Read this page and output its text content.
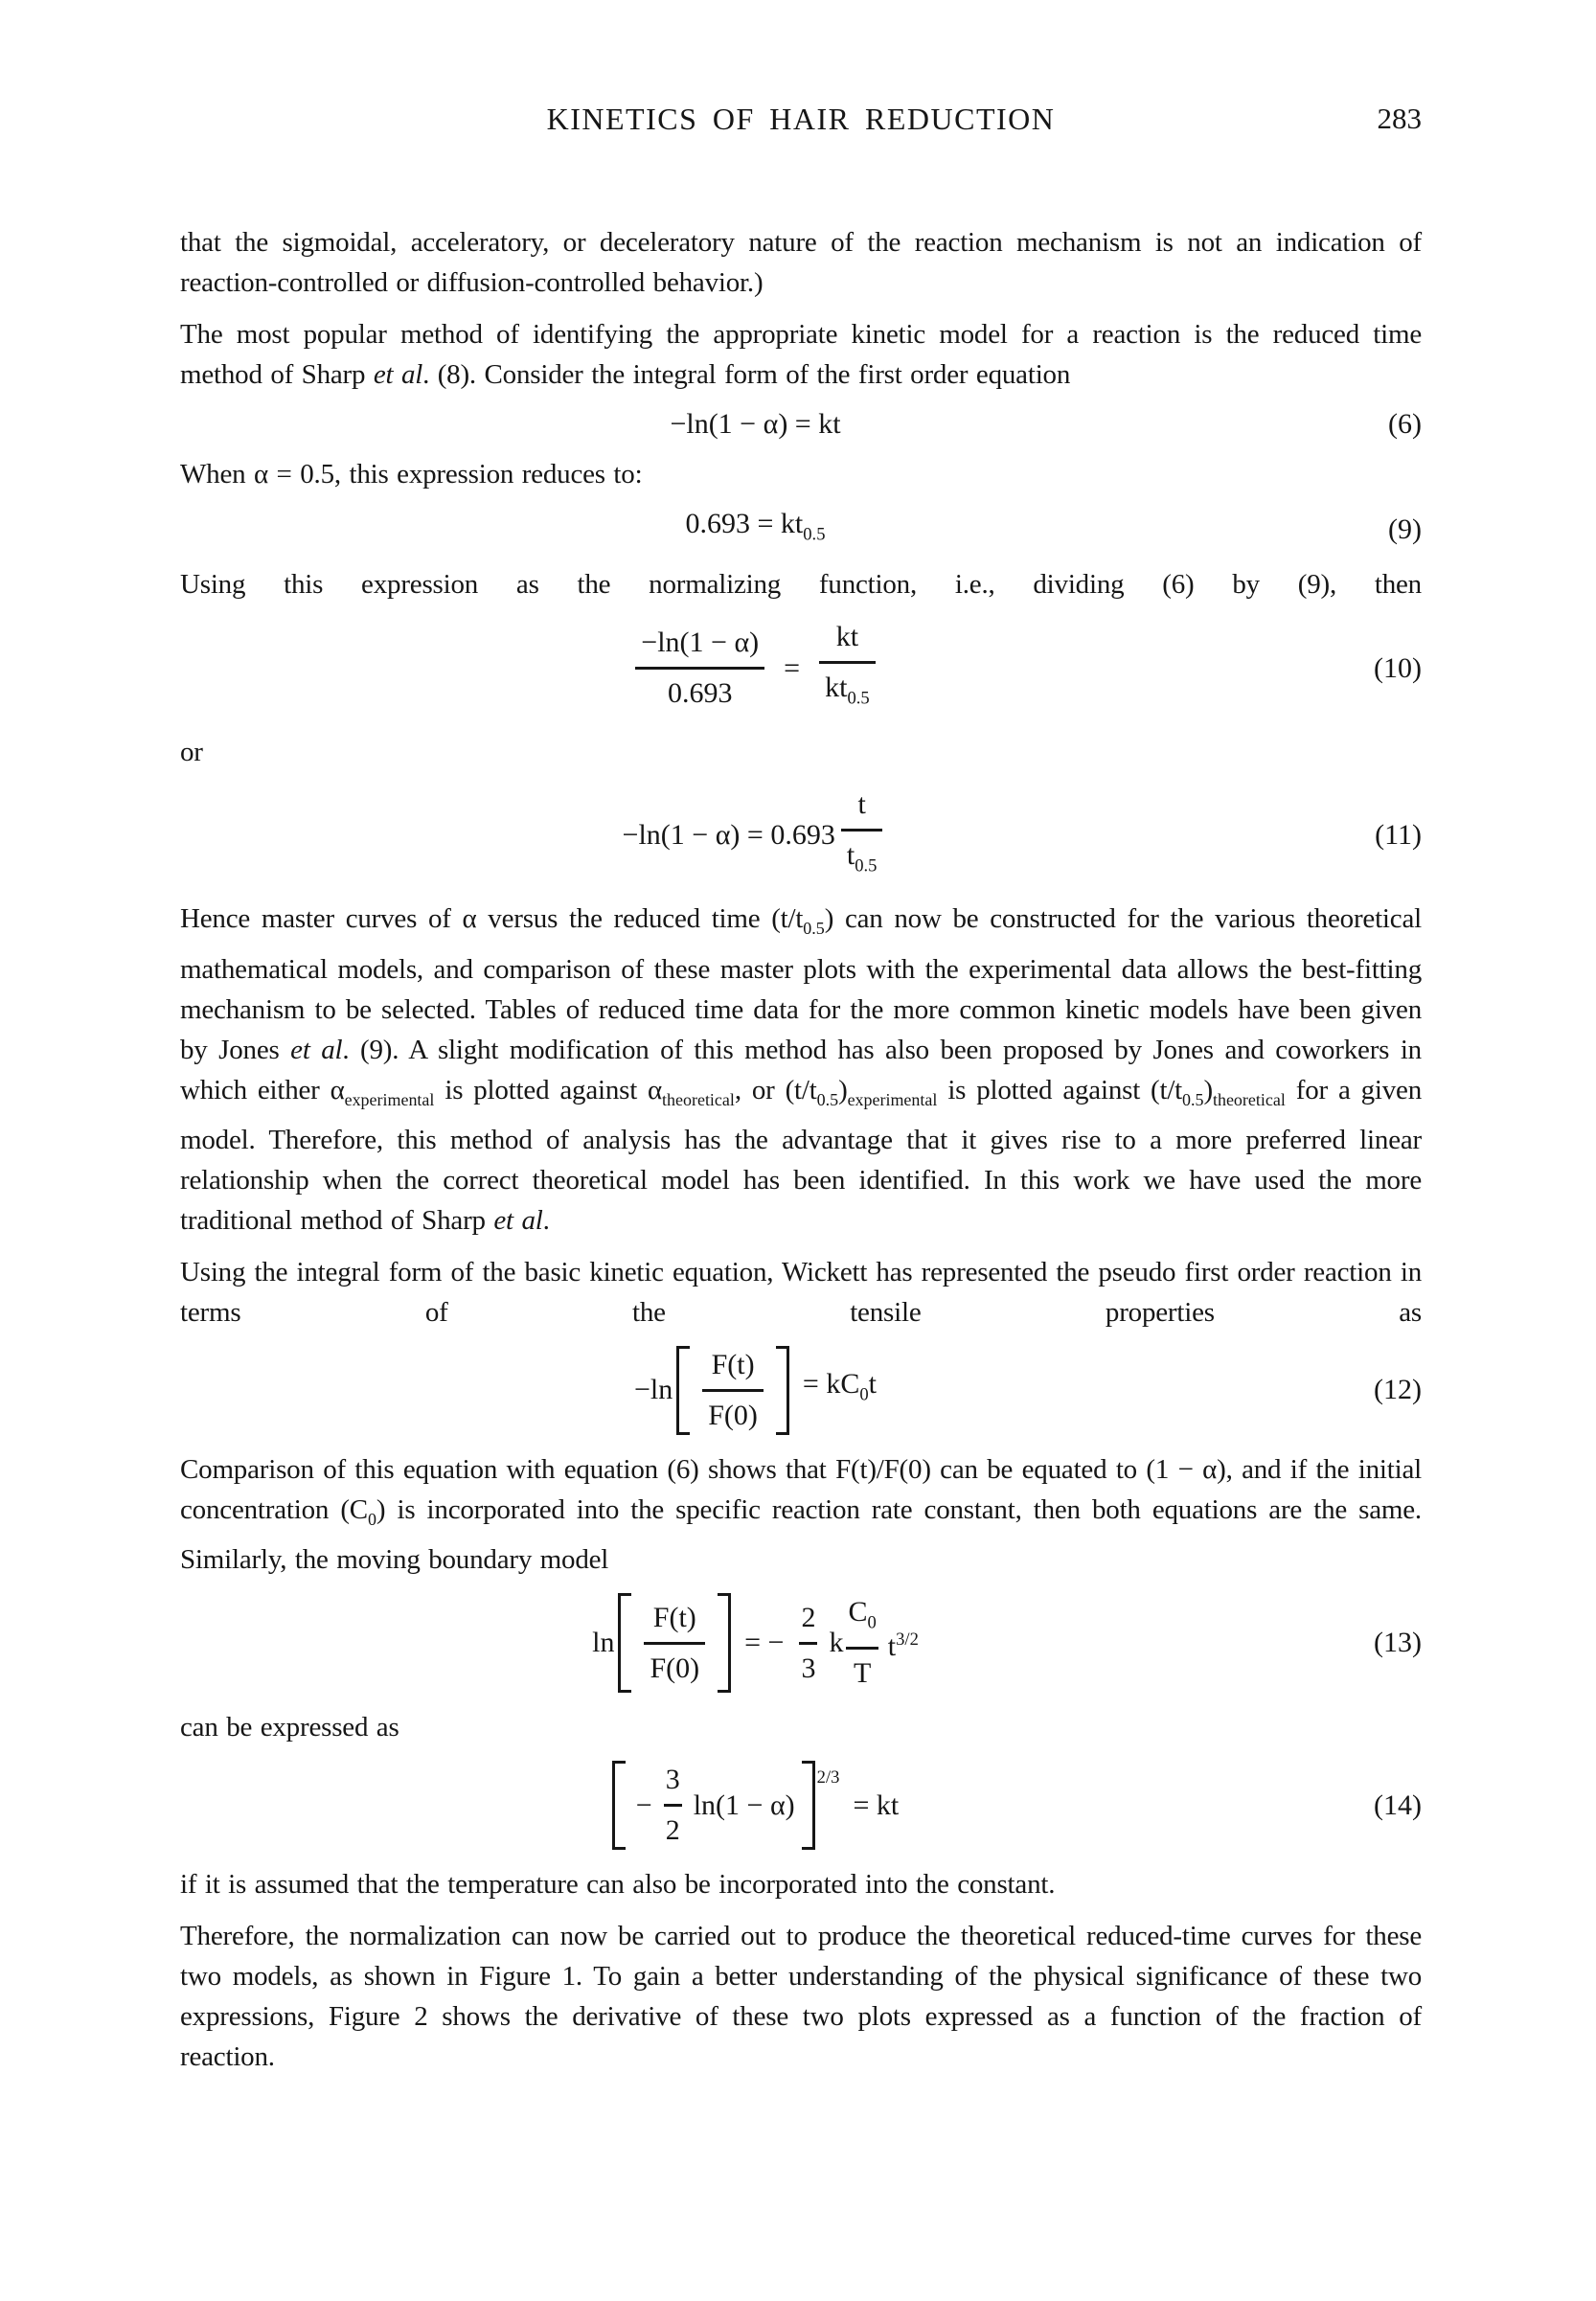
KINETICS OF HAIR REDUCTION	283

that the sigmoidal, acceleratory, or deceleratory nature of the reaction mechanism is not an indication of reaction-controlled or diffusion-controlled behavior.)

The most popular method of identifying the appropriate kinetic model for a reaction is the reduced time method of Sharp et al. (8). Consider the integral form of the first order equation

−ln(1 − α) = kt	(6)

When α = 0.5, this expression reduces to:

$0.693 = kt_{0.5}$	(9)

Using this expression as the normalizing function, i.e., dividing (6) by (9), then

$\frac{-\ln(1 - \alpha)}{0.693} = \frac{kt}{kt_{0.5}}$	(10)

or

$-\ln(1 - \alpha) = 0.693 \frac{t}{t_{0.5}}$	(11)

Hence master curves of α versus the reduced time $(t/t_{0.5})$ can now be constructed for the various theoretical mathematical models, and comparison of these master plots with the experimental data allows the best-fitting mechanism to be selected. Tables of reduced time data for the more common kinetic models have been given by Jones et al. (9). A slight modification of this method has also been proposed by Jones and coworkers in which either $\alpha_{experimental}$ is plotted against $\alpha_{theoretical}$, or $(t/t_{0.5})_{experimental}$ is plotted against $(t/t_{0.5})_{theoretical}$ for a given model. Therefore, this method of analysis has the advantage that it gives rise to a more preferred linear relationship when the correct theoretical model has been identified. In this work we have used the more traditional method of Sharp et al.

Using the integral form of the basic kinetic equation, Wickett has represented the pseudo first order reaction in terms of the tensile properties as

$-\ln \frac{F(t)}{F(0)} = kC_0t$	(12)

Comparison of this equation with equation (6) shows that F(t)/F(0) can be equated to (1 − α), and if the initial concentration $(C_0)$ is incorporated into the specific reaction rate constant, then both equations are the same. Similarly, the moving boundary model

$\ln \frac{F(t)}{F(0)}$ = − $\frac{2}{3}$ k $\frac{C_0}{T} t^{3/2}$	(13)

can be expressed as

− $\frac{3}{2} \ln(1 - \alpha)$
2/3
= kt	(14)

if it is assumed that the temperature can also be incorporated into the constant.

Therefore, the normalization can now be carried out to produce the theoretical reduced-time curves for these two models, as shown in Figure 1. To gain a better understanding of the physical significance of these two expressions, Figure 2 shows the derivative of these two plots expressed as a function of the fraction of reaction.
